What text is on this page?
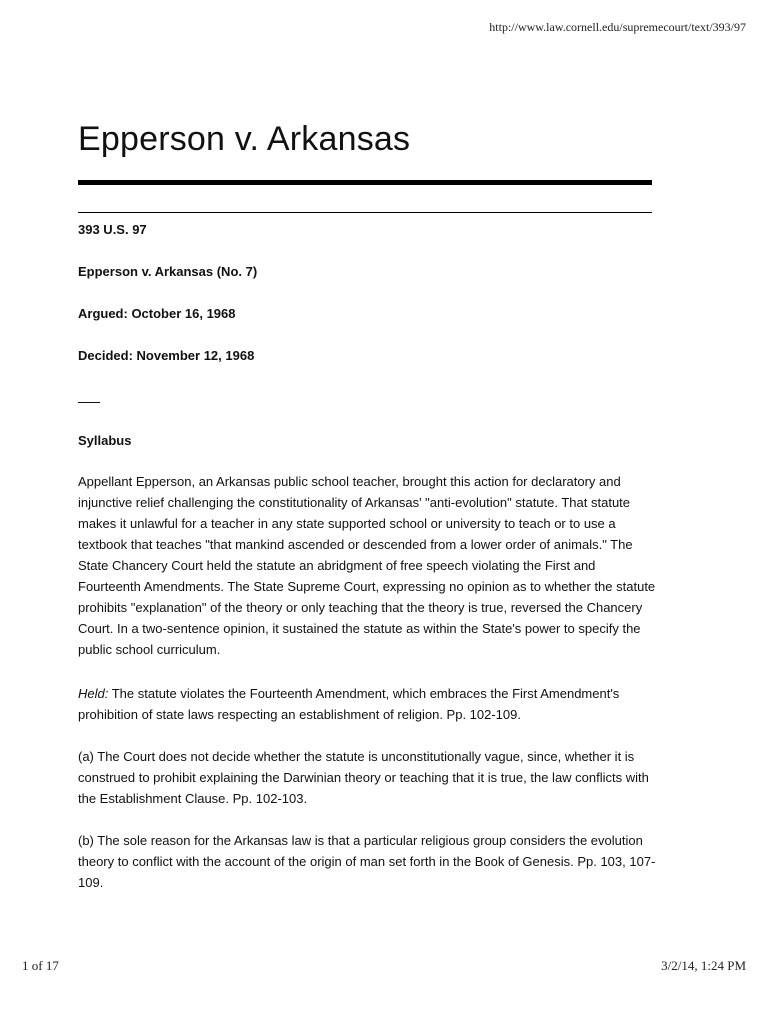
http://www.law.cornell.edu/supremecourt/text/393/97
Epperson v. Arkansas
393 U.S. 97
Epperson v. Arkansas (No. 7)
Argued: October 16, 1968
Decided: November 12, 1968
Syllabus

Appellant Epperson, an Arkansas public school teacher, brought this action for declaratory and injunctive relief challenging the constitutionality of Arkansas' "anti-evolution" statute. That statute makes it unlawful for a teacher in any state supported school or university to teach or to use a textbook that teaches "that mankind ascended or descended from a lower order of animals." The State Chancery Court held the statute an abridgment of free speech violating the First and Fourteenth Amendments. The State Supreme Court, expressing no opinion as to whether the statute prohibits "explanation" of the theory or only teaching that the theory is true, reversed the Chancery Court. In a two-sentence opinion, it sustained the statute as within the State's power to specify the public school curriculum.

Held: The statute violates the Fourteenth Amendment, which embraces the First Amendment's prohibition of state laws respecting an establishment of religion. Pp. 102-109.

(a) The Court does not decide whether the statute is unconstitutionally vague, since, whether it is construed to prohibit explaining the Darwinian theory or teaching that it is true, the law conflicts with the Establishment Clause. Pp. 102-103.

(b) The sole reason for the Arkansas law is that a particular religious group considers the evolution theory to conflict with the account of the origin of man set forth in the Book of Genesis. Pp. 103, 107-109.

1 of 17	3/2/14, 1:24 PM
